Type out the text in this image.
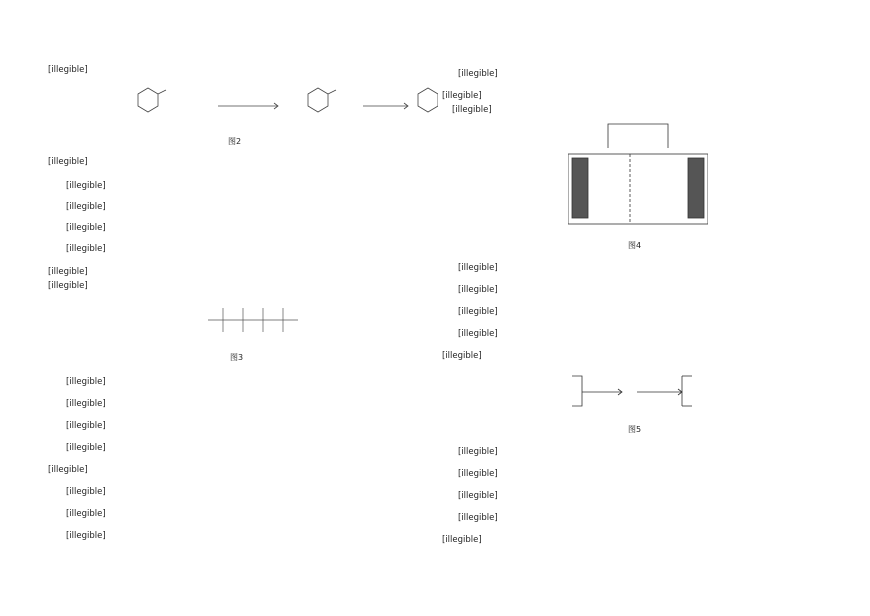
[illegible]
图2
[illegible]
[illegible]
[illegible]
[illegible]
[illegible]
[illegible]
[illegible]
图3
[illegible]
[illegible]
[illegible]
[illegible]
[illegible]
[illegible]
[illegible]
[illegible]
[illegible]
[illegible]
[illegible]
图4
[illegible]
[illegible]
[illegible]
[illegible]
[illegible]
图5
[illegible]
[illegible]
[illegible]
[illegible]
[illegible]
